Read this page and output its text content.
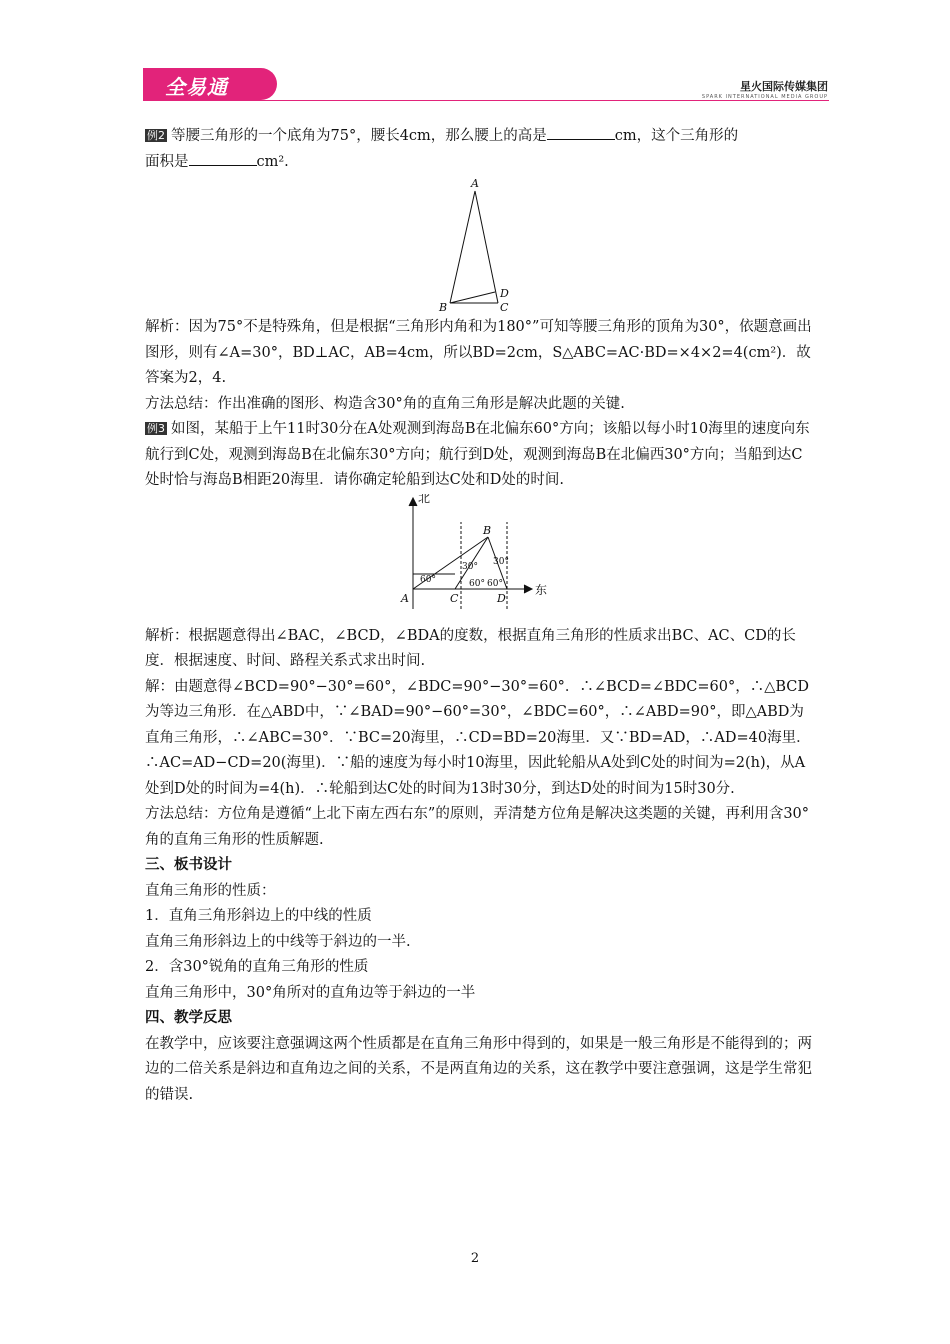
全易通	星火国际传媒集团
SPARK INTERNATIONAL MEDIA GROUP

例2 等腰三角形的一个底角为75°，腰长4cm，那么腰上的高是	cm，这个三角形的
面积是	cm².

A
B	C
D

解析：因为75°不是特殊角，但是根据“三角形内角和为180°”可知等腰三角形的顶角为30°，依题意画出图形，则有∠A=30°，BD⊥AC，AB=4cm，所以BD=2cm，S△ABC=AC·BD=×4×2=4(cm²)．故答案为2，4.

方法总结：作出准确的图形、构造含30°角的直角三角形是解决此题的关键.

例3 如图，某船于上午11时30分在A处观测到海岛B在北偏东60°方向；该船以每小时10海里的速度向东航行到C处，观测到海岛B在北偏东30°方向；航行到D处，观测到海岛B在北偏西30°方向；当船到达C处时恰与海岛B相距20海里．请你确定轮船到达C处和D处的时间.

北
东
60°
30° 30°
60° 60°
A
B
C	D

解析：根据题意得出∠BAC，∠BCD，∠BDA的度数，根据直角三角形的性质求出BC、AC、CD的长度．根据速度、时间、路程关系式求出时间.

解：由题意得∠BCD=90°−30°=60°，∠BDC=90°−30°=60°．∴∠BCD=∠BDC=60°，∴△BCD为等边三角形．在△ABD中，∵∠BAD=90°−60°=30°，∠BDC=60°，∴∠ABD=90°，即△ABD为直角三角形，∴∠ABC=30°．∵BC=20海里，∴CD=BD=20海里．又∵BD=AD，∴AD=40海里．∴AC=AD−CD=20(海里)．∵船的速度为每小时10海里，因此轮船从A处到C处的时间为=2(h)，从A处到D处的时间为=4(h)．∴轮船到达C处的时间为13时30分，到达D处的时间为15时30分.

方法总结：方位角是遵循“上北下南左西右东”的原则，弄清楚方位角是解决这类题的关键，再利用含30°角的直角三角形的性质解题.

三、板书设计

直角三角形的性质：

1．直角三角形斜边上的中线的性质

直角三角形斜边上的中线等于斜边的一半.

2．含30°锐角的直角三角形的性质

直角三角形中，30°角所对的直角边等于斜边的一半

四、教学反思

在教学中，应该要注意强调这两个性质都是在直角三角形中得到的，如果是一般三角形是不能得到的；两边的二倍关系是斜边和直角边之间的关系，不是两直角边的关系，这在教学中要注意强调，这是学生常犯的错误.

2
